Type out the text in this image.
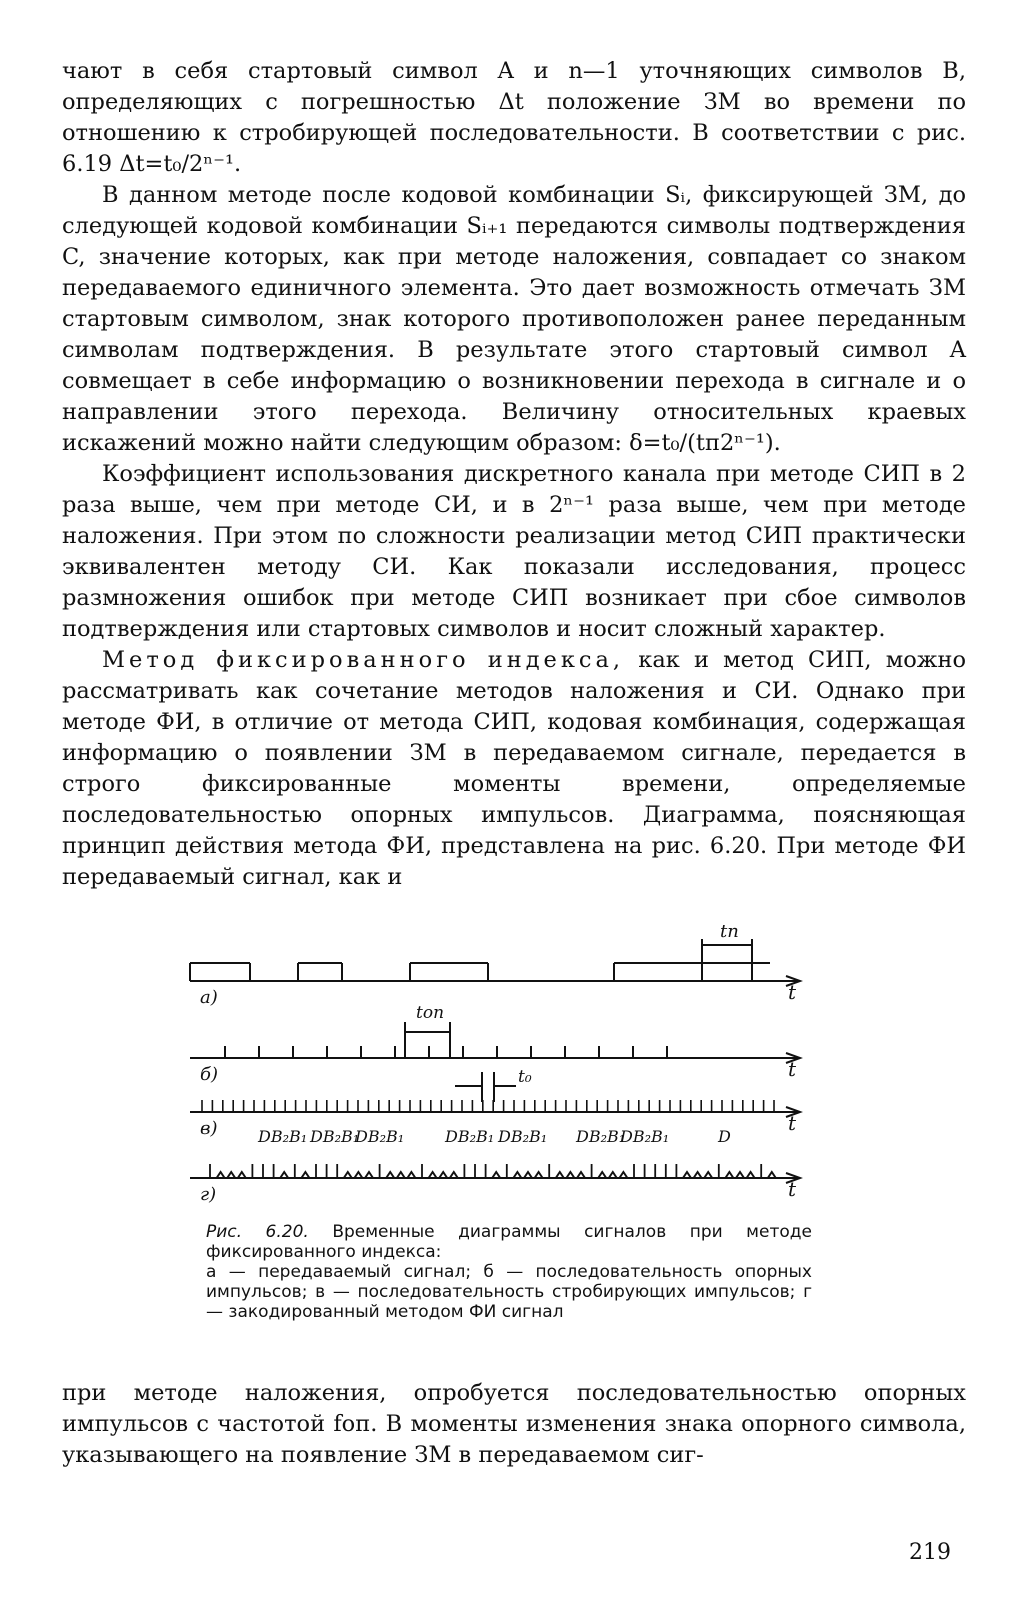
чают в себя стартовый символ A и n—1 уточняющих символов B, определяющих с погрешностью Δt положение ЗМ во времени по отношению к стробирующей последовательности. В соответствии с рис. 6.19 Δt=t₀/2ⁿ⁻¹.

В данном методе после кодовой комбинации Sᵢ, фиксирующей ЗМ, до следующей кодовой комбинации Sᵢ₊₁ передаются символы подтверждения C, значение которых, как при методе наложения, совпадает со знаком передаваемого единичного элемента. Это дает возможность отмечать ЗМ стартовым символом, знак которого противоположен ранее переданным символам подтверждения. В результате этого стартовый символ A совмещает в себе информацию о возникновении перехода в сигнале и о направлении этого перехода. Величину относительных краевых искажений можно найти следующим образом: δ=t₀/(tп2ⁿ⁻¹).

Коэффициент использования дискретного канала при методе СИП в 2 раза выше, чем при методе СИ, и в 2ⁿ⁻¹ раза выше, чем при методе наложения. При этом по сложности реализации метод СИП практически эквивалентен методу СИ. Как показали исследования, процесс размножения ошибок при методе СИП возникает при сбое символов подтверждения или стартовых символов и носит сложный характер.

Метод фиксированного индекса, как и метод СИП, можно рассматривать как сочетание методов наложения и СИ. Однако при методе ФИ, в отличие от метода СИП, кодовая комбинация, содержащая информацию о появлении ЗМ в передаваемом сигнале, передается в строго фиксированные моменты времени, определяемые последовательностью опорных импульсов. Диаграмма, поясняющая принцип действия метода ФИ, представлена на рис. 6.20. При методе ФИ передаваемый сигнал, как и

а)	t
б)	t
в)	t
г)	t
tп
tоп
t₀
DB₂B₁ DB₂B₁
DB₂B₁	DB₂B₁ DB₂B₁ DB₂B₁
DB₂B₁	D
Рис. 6.20. Временные диаграммы сигналов при методе фиксированного индекса:
а — передаваемый сигнал; б — последовательность опорных импульсов; в — последовательность стробирующих импульсов; г — закодированный методом ФИ сигнал

при методе наложения, опробуется последовательностью опорных импульсов с частотой fоп. В моменты изменения знака опорного символа, указывающего на появление ЗМ в передаваемом сиг-

219
